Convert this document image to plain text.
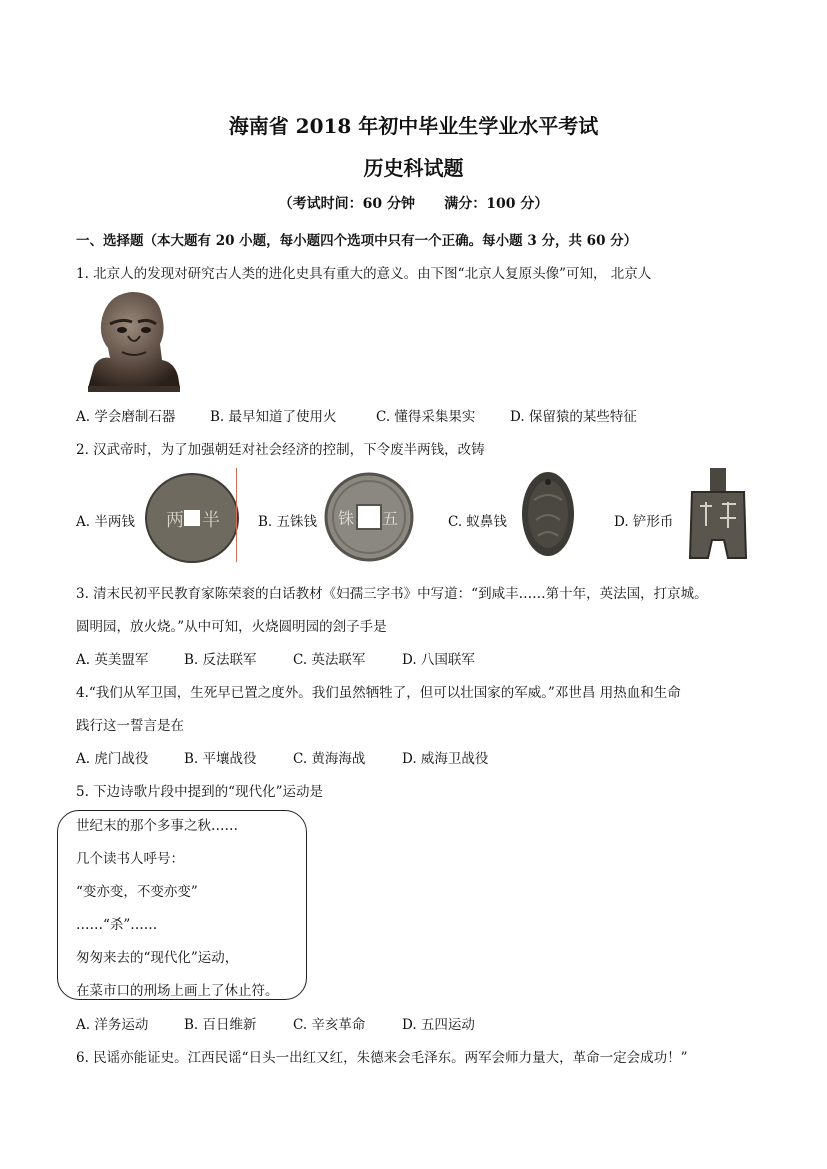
海南省 2018 年初中毕业生学业水平考试
历史科试题
（考试时间：60 分钟      满分：100 分）
一、选择题（本大题有 20 小题，每小题四个选项中只有一个正确。每小题 3 分，共 60 分）
1. 北京人的发现对研究古人类的进化史具有重大的意义。由下图“北京人复原头像”可知， 北京人
A. 学会磨制石器	B. 最早知道了使用火	C. 懂得采集果实	D. 保留猿的某些特征
2. 汉武帝时，为了加强朝廷对社会经济的控制，下令废半两钱，改铸
A. 半两钱 两 半	B. 五铢钱	五
铢	C. 蚁鼻钱	D. 铲形币
3. 清末民初平民教育家陈荣衮的白话教材《妇孺三字书》中写道：“到咸丰……第十年，英法国，打京城。
圆明园，放火烧。”从中可知，火烧圆明园的刽子手是
A. 英美盟军	B. 反法联军	C. 英法联军	D. 八国联军
4.“我们从军卫国，生死早已置之度外。我们虽然牺牲了，但可以壮国家的军威。”邓世昌 用热血和生命
践行这一誓言是在
A. 虎门战役	B. 平壤战役	C. 黄海海战	D. 威海卫战役
5. 下边诗歌片段中提到的“现代化”运动是
世纪末的那个多事之秋……
几个读书人呼号：
“变亦变，不变亦变”
……“杀”……
匆匆来去的“现代化”运动，
在菜市口的刑场上画上了休止符。
A. 洋务运动	B. 百日维新	C. 辛亥革命	D. 五四运动
6. 民谣亦能证史。江西民谣“日头一出红又红，朱德来会毛泽东。两军会师力量大，革命一定会成功！”
